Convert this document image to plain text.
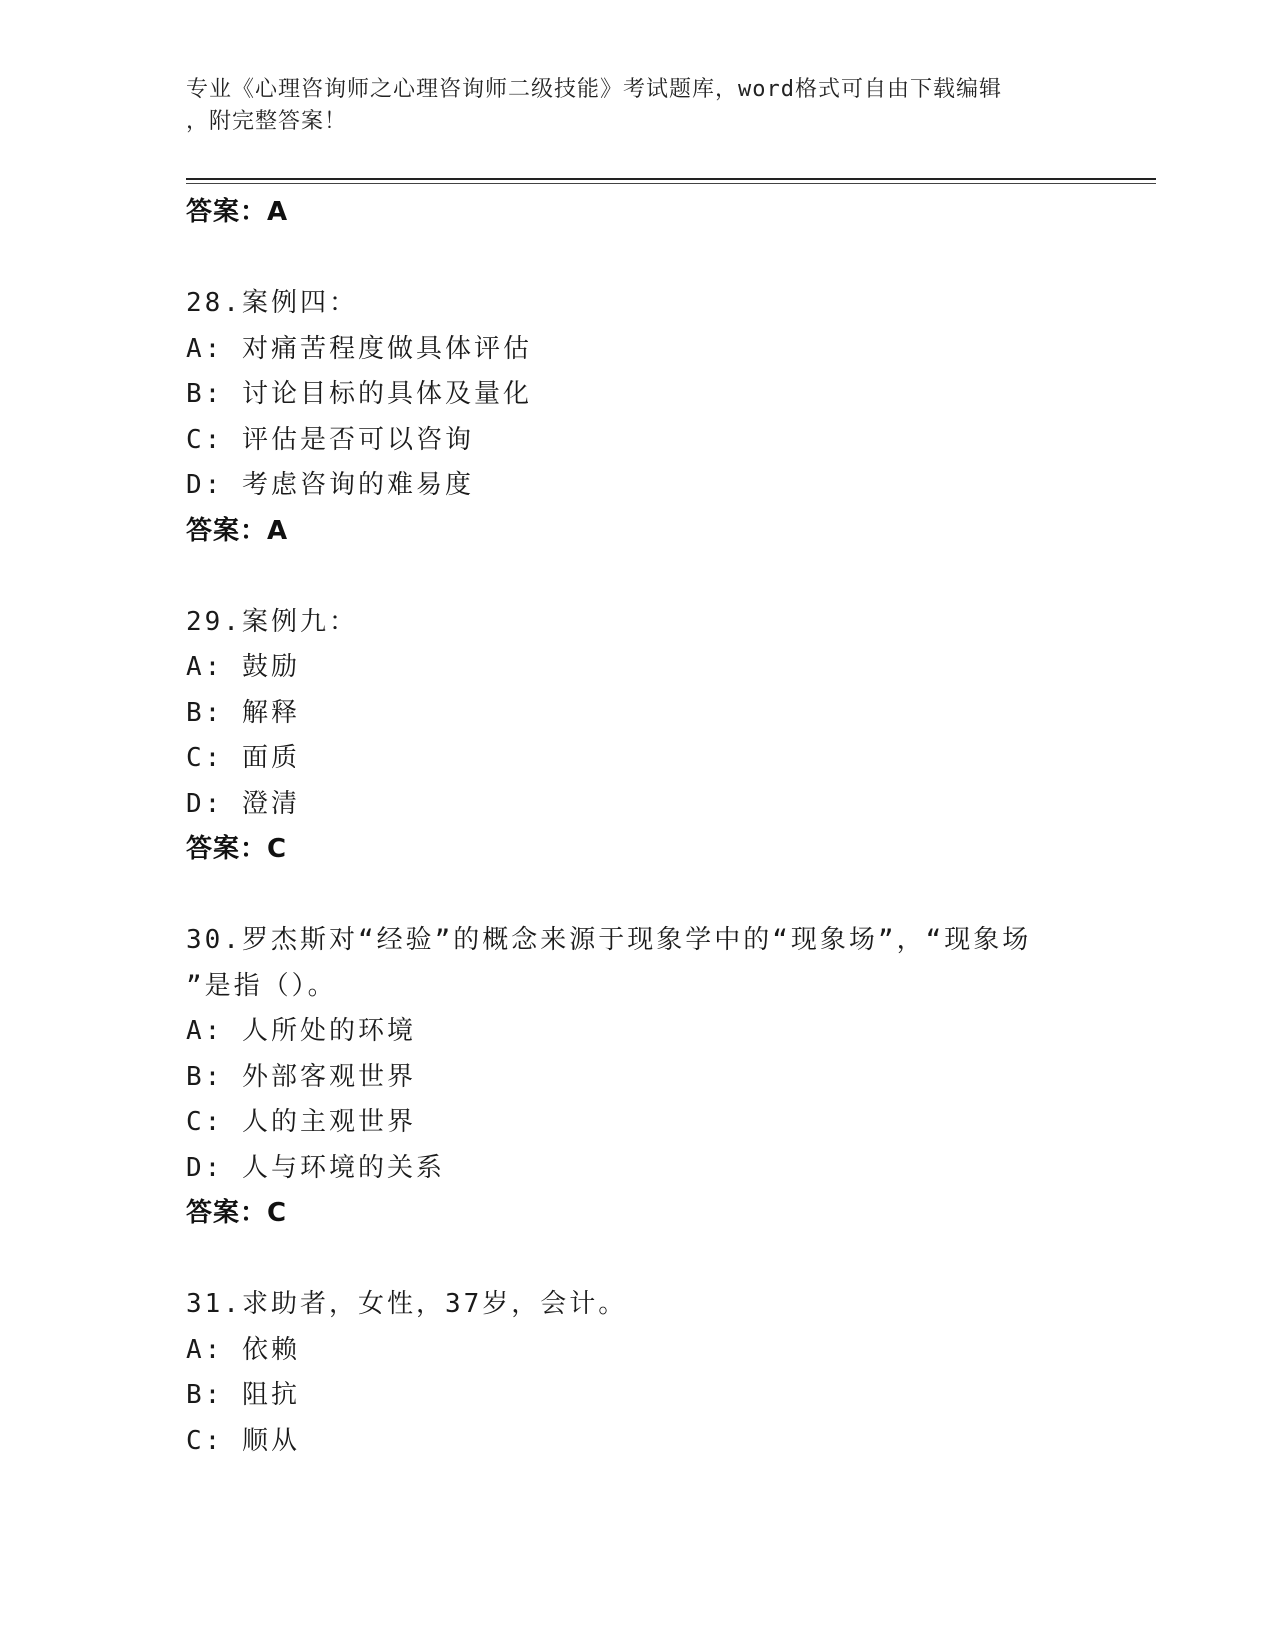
专业《心理咨询师之心理咨询师二级技能》考试题库，word格式可自由下载编辑
，附完整答案！
答案：A
28.案例四：
A: 对痛苦程度做具体评估
B: 讨论目标的具体及量化
C: 评估是否可以咨询
D: 考虑咨询的难易度
答案：A
29.案例九：
A: 鼓励
B: 解释
C: 面质
D: 澄清
答案：C
30.罗杰斯对“经验”的概念来源于现象学中的“现象场”，“现象场
”是指（）。
A: 人所处的环境
B: 外部客观世界
C: 人的主观世界
D: 人与环境的关系
答案：C
31.求助者，女性，37岁，会计。
A: 依赖
B: 阻抗
C: 顺从
